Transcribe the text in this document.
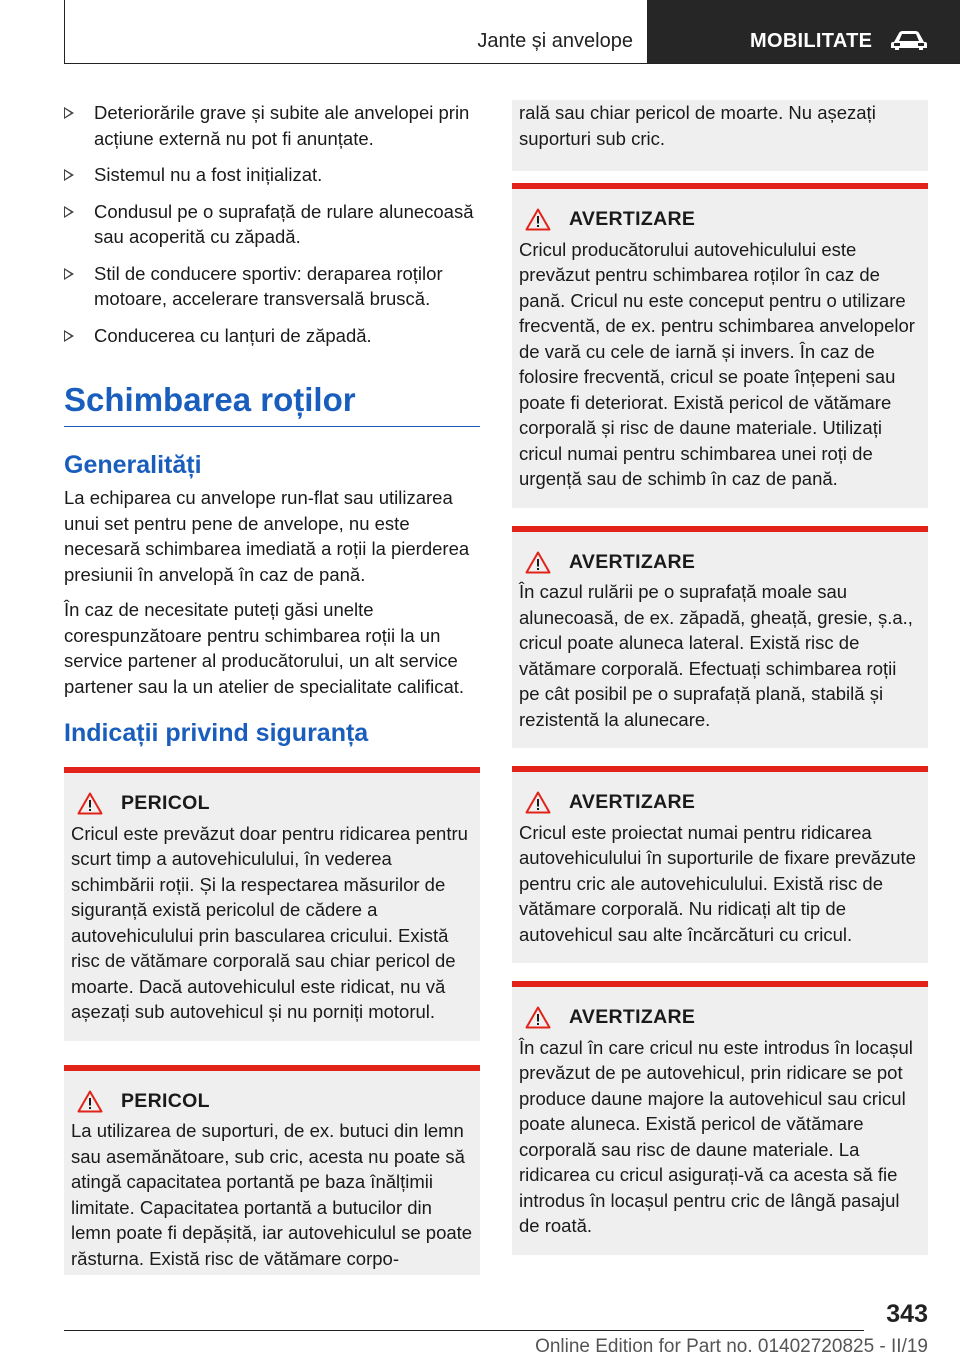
Jante și anvelope	MOBILITATE
Deteriorările grave și subite ale anvelopei prin acțiune externă nu pot fi anunțate.
Sistemul nu a fost inițializat.
Condusul pe o suprafață de rulare alunecoasă sau acoperită cu zăpadă.
Stil de conducere sportiv: deraparea roților motoare, accelerare transversală bruscă.
Conducerea cu lanțuri de zăpadă.
Schimbarea roților
Generalități

La echiparea cu anvelope run-flat sau utilizarea unui set pentru pene de anvelope, nu este necesară schimbarea imediată a roții la pierderea presiunii în anvelopă în caz de pană.

În caz de necesitate puteți găsi unelte corespunzătoare pentru schimbarea roții la un service partener al producătorului, un alt service partener sau la un atelier de specialitate calificat.

Indicații privind siguranța
PERICOL

Cricul este prevăzut doar pentru ridicarea pentru scurt timp a autovehiculului, în vederea schimbării roții. Și la respectarea măsurilor de siguranță există pericolul de cădere a autovehiculului prin bascularea cricului. Există risc de vătămare corporală sau chiar pericol de moarte. Dacă autovehiculul este ridicat, nu vă așezați sub autovehicul și nu porniți motorul.

PERICOL

La utilizarea de suporturi, de ex. butuci din lemn sau asemănătoare, sub cric, acesta nu poate să atingă capacitatea portantă pe baza înălțimii limitate. Capacitatea portantă a butucilor din lemn poate fi depășită, iar autovehiculul se poate răsturna. Există risc de vătămare corpo-

rală sau chiar pericol de moarte. Nu așezați suporturi sub cric.

AVERTIZARE

Cricul producătorului autovehiculului este prevăzut pentru schimbarea roților în caz de pană. Cricul nu este conceput pentru o utilizare frecventă, de ex. pentru schimbarea anvelopelor de vară cu cele de iarnă și invers. În caz de folosire frecventă, cricul se poate înțepeni sau poate fi deteriorat. Există pericol de vătămare corporală și risc de daune materiale. Utilizați cricul numai pentru schimbarea unei roți de urgență sau de schimb în caz de pană.

AVERTIZARE

În cazul rulării pe o suprafață moale sau alunecoasă, de ex. zăpadă, gheață, gresie, ș.a., cricul poate aluneca lateral. Există risc de vătămare corporală. Efectuați schimbarea roții pe cât posibil pe o suprafață plană, stabilă și rezistentă la alunecare.

AVERTIZARE

Cricul este proiectat numai pentru ridicarea autovehiculului în suporturile de fixare prevăzute pentru cric ale autovehiculului. Există risc de vătămare corporală. Nu ridicați alt tip de autovehicul sau alte încărcături cu cricul.

AVERTIZARE

În cazul în care cricul nu este introdus în locașul prevăzut de pe autovehicul, prin ridicare se pot produce daune majore la autovehicul sau cricul poate aluneca. Există pericol de vătămare corporală sau risc de daune materiale. La ridicarea cu cricul asigurați-vă ca acesta să fie introdus în locașul pentru cric de lângă pasajul de roată.

343
Online Edition for Part no. 01402720825 - II/19
